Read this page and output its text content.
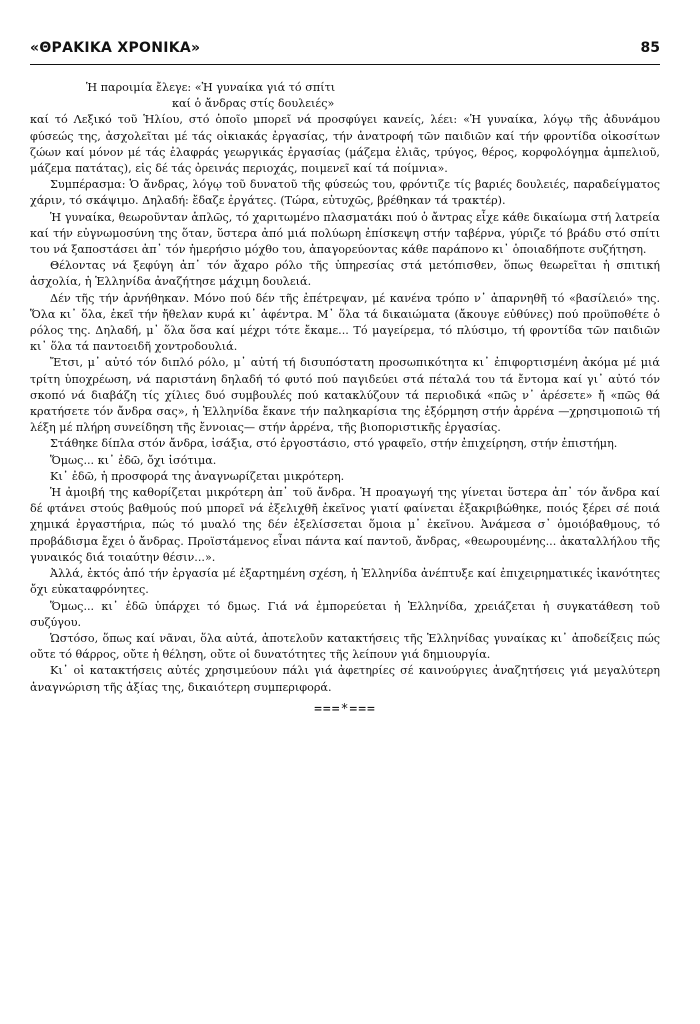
«ΘΡΑΚΙΚΑ ΧΡΟΝΙΚΑ»	85
Ἡ παροιμία ἔλεγε: «Ἡ γυναίκα γιά τό σπίτι
καί ὁ ἄνδρας στίς δουλειές»

καί τό Λεξικό τοῦ Ἡλίου, στό ὁποῖο μπορεῖ νά προσφύγει κανείς, λέει: «Ἡ γυναίκα, λόγῳ τῆς ἀδυνάμου φύσεώς της, ἀσχολεῖται μέ τάς οἰκιακάς ἐργασίας, τήν ἀνατροφή τῶν παιδιῶν καί τήν φροντίδα οἰκοσίτων ζώων καί μόνον μέ τάς ἐλαφράς γεωργικάς ἐργασίας (μάζεμα ἐλιᾶς, τρύγος, θέρος, κορφολόγημα ἀμπελιοῦ, μάζεμα πατάτας), εἰς δέ τάς ὀρεινάς περιοχάς, ποιμενεῖ καί τά ποίμνια».

Συμπέρασμα: Ὁ ἄνδρας, λόγῳ τοῦ δυνατοῦ τῆς φύσεώς του, φρόντιζε τίς βαριές δουλειές, παραδείγματος χάριν, τό σκάψιμο. Δηλαδή: ἔδαζε ἐργάτες. (Τώρα, εὐτυχῶς, βρέθηκαν τά τρακτέρ).

Ἡ γυναίκα, θεωροῦνταν ἁπλῶς, τό χαριτωμένο πλασματάκι πού ὁ ἄντρας εἶχε κάθε δικαίωμα στή λατρεία καί τήν εὐγνωμοσύνη της ὅταν, ὕστερα ἀπό μιά πολύωρη ἐπίσκεψη στήν ταβέρνα, γύριζε τό βράδυ στό σπίτι του νά ξαποστάσει ἀπ᾽ τόν ἡμερήσιο μόχθο του, ἀπαγορεύοντας κάθε παράπονο κι᾽ ὁποιαδήποτε συζήτηση.

Θέλοντας νά ξεφύγη ἀπ᾽ τόν ἄχαρο ρόλο τῆς ὑπηρεσίας στά μετόπισθεν, ὅπως θεωρεῖται ἡ σπιτική ἀσχολία, ἡ Ἑλληνίδα ἀναζήτησε μάχιμη δουλειά.

Δέν τῆς τήν ἀρνήθηκαν. Μόνο πού δέν τῆς ἐπέτρεψαν, μέ κανένα τρόπο ν᾽ ἀπαρνηθῆ τό «βασίλειό» της. Ὅλα κι᾽ ὅλα, ἐκεῖ τήν ἤθελαν κυρά κι᾽ ἀφέντρα. Μ᾽ ὅλα τά δικαιώματα (ἄκουγε εὐθύνες) πού προϋποθέτε ὁ ρόλος της. Δηλαδή, μ᾽ ὅλα ὅσα καί μέχρι τότε ἔκαμε... Τό μαγείρεμα, τό πλύσιμο, τή φροντίδα τῶν παιδιῶν κι᾽ ὅλα τά παντοειδῆ χοντροδουλιά.

Ἔτσι, μ᾽ αὐτό τόν διπλό ρόλο, μ᾽ αὐτή τή δισυπόστατη προσωπικότητα κι᾽ ἐπιφορτισμένη ἀκόμα μέ μιά τρίτη ὑποχρέωση, νά παριστάνη δηλαδή τό φυτό πού παγιδεύει στά πέταλά του τά ἔντομα καί γι᾽ αὐτό τόν σκοπό νά διαβάζη τίς χίλιες δυό συμβουλές πού κατακλύζουν τά περιοδικά «πῶς ν᾽ ἀρέσετε» ἤ «πῶς θά κρατήσετε τόν ἄνδρα σας», ἡ Ἑλληνίδα ἔκανε τήν παληκαρίσια της ἐξόρμηση στήν ἀρρένα —χρησιμοποιῶ τή λέξη μέ πλήρη συνείδηση τῆς ἔννοιας— στήν ἀρρένα, τῆς βιοποριστικῆς ἐργασίας.

Στάθηκε δίπλα στόν ἄνδρα, ἰσάξια, στό ἐργοστάσιο, στό γραφεῖο, στήν ἐπιχείρηση, στήν ἐπιστήμη.

Ὅμως... κι᾽ ἐδῶ, ὄχι ἰσότιμα.

Κι᾽ ἐδῶ, ἡ προσφορά της ἀναγνωρίζεται μικρότερη.

Ἡ ἀμοιβή της καθορίζεται μικρότερη ἀπ᾽ τοῦ ἄνδρα. Ἡ προαγωγή της γίνεται ὕστερα ἀπ᾽ τόν ἄνδρα καί δέ φτάνει στούς βαθμούς πού μπορεῖ νά ἐξελιχθῆ ἐκεῖνος γιατί φαίνεται ἐξακριβώθηκε, ποιός ξέρει σέ ποιά χημικά ἐργαστήρια, πώς τό μυαλό της δέν ἐξελίσσεται ὅμοια μ᾽ ἐκεῖνου. Ἀνάμεσα σ᾽ ὁμοιόβαθμους, τό προβάδισμα ἔχει ὁ ἄνδρας. Προϊστάμενος εἶναι πάντα καί παντοῦ, ἄνδρας, «θεωρουμένης... ἀκαταλλήλου τῆς γυναικός διά τοιαύτην θέσιν...».

Ἀλλά, ἐκτός ἀπό τήν ἐργασία μέ ἐξαρτημένη σχέση, ἡ Ἑλληνίδα ἀνέπτυξε καί ἐπιχειρηματικές ἱκανότητες ὄχι εὐκαταφρόνητες.

Ὅμως... κι᾽ ἐδῶ ὑπάρχει τό δμως. Γιά νά ἐμπορεύεται ἡ Ἑλληνίδα, χρειάζεται ἡ συγκατάθεση τοῦ συζύγου.

Ὡστόσο, ὅπως καί νᾶναι, ὅλα αὐτά, ἀποτελοῦν κατακτήσεις τῆς Ἑλληνίδας γυναίκας κι᾽ ἀποδείξεις πώς οὔτε τό θάρρος, οὔτε ἡ θέληση, οὔτε οἱ δυνατότητες τῆς λείπουν γιά δημιουργία.

Κι᾽ οἱ κατακτήσεις αὐτές χρησιμεύουν πάλι γιά ἀφετηρίες σέ καινούργιες ἀναζητήσεις γιά μεγαλύτερη ἀναγνώριση τῆς ἀξίας της, δικαιότερη συμπεριφορά.

===*===
